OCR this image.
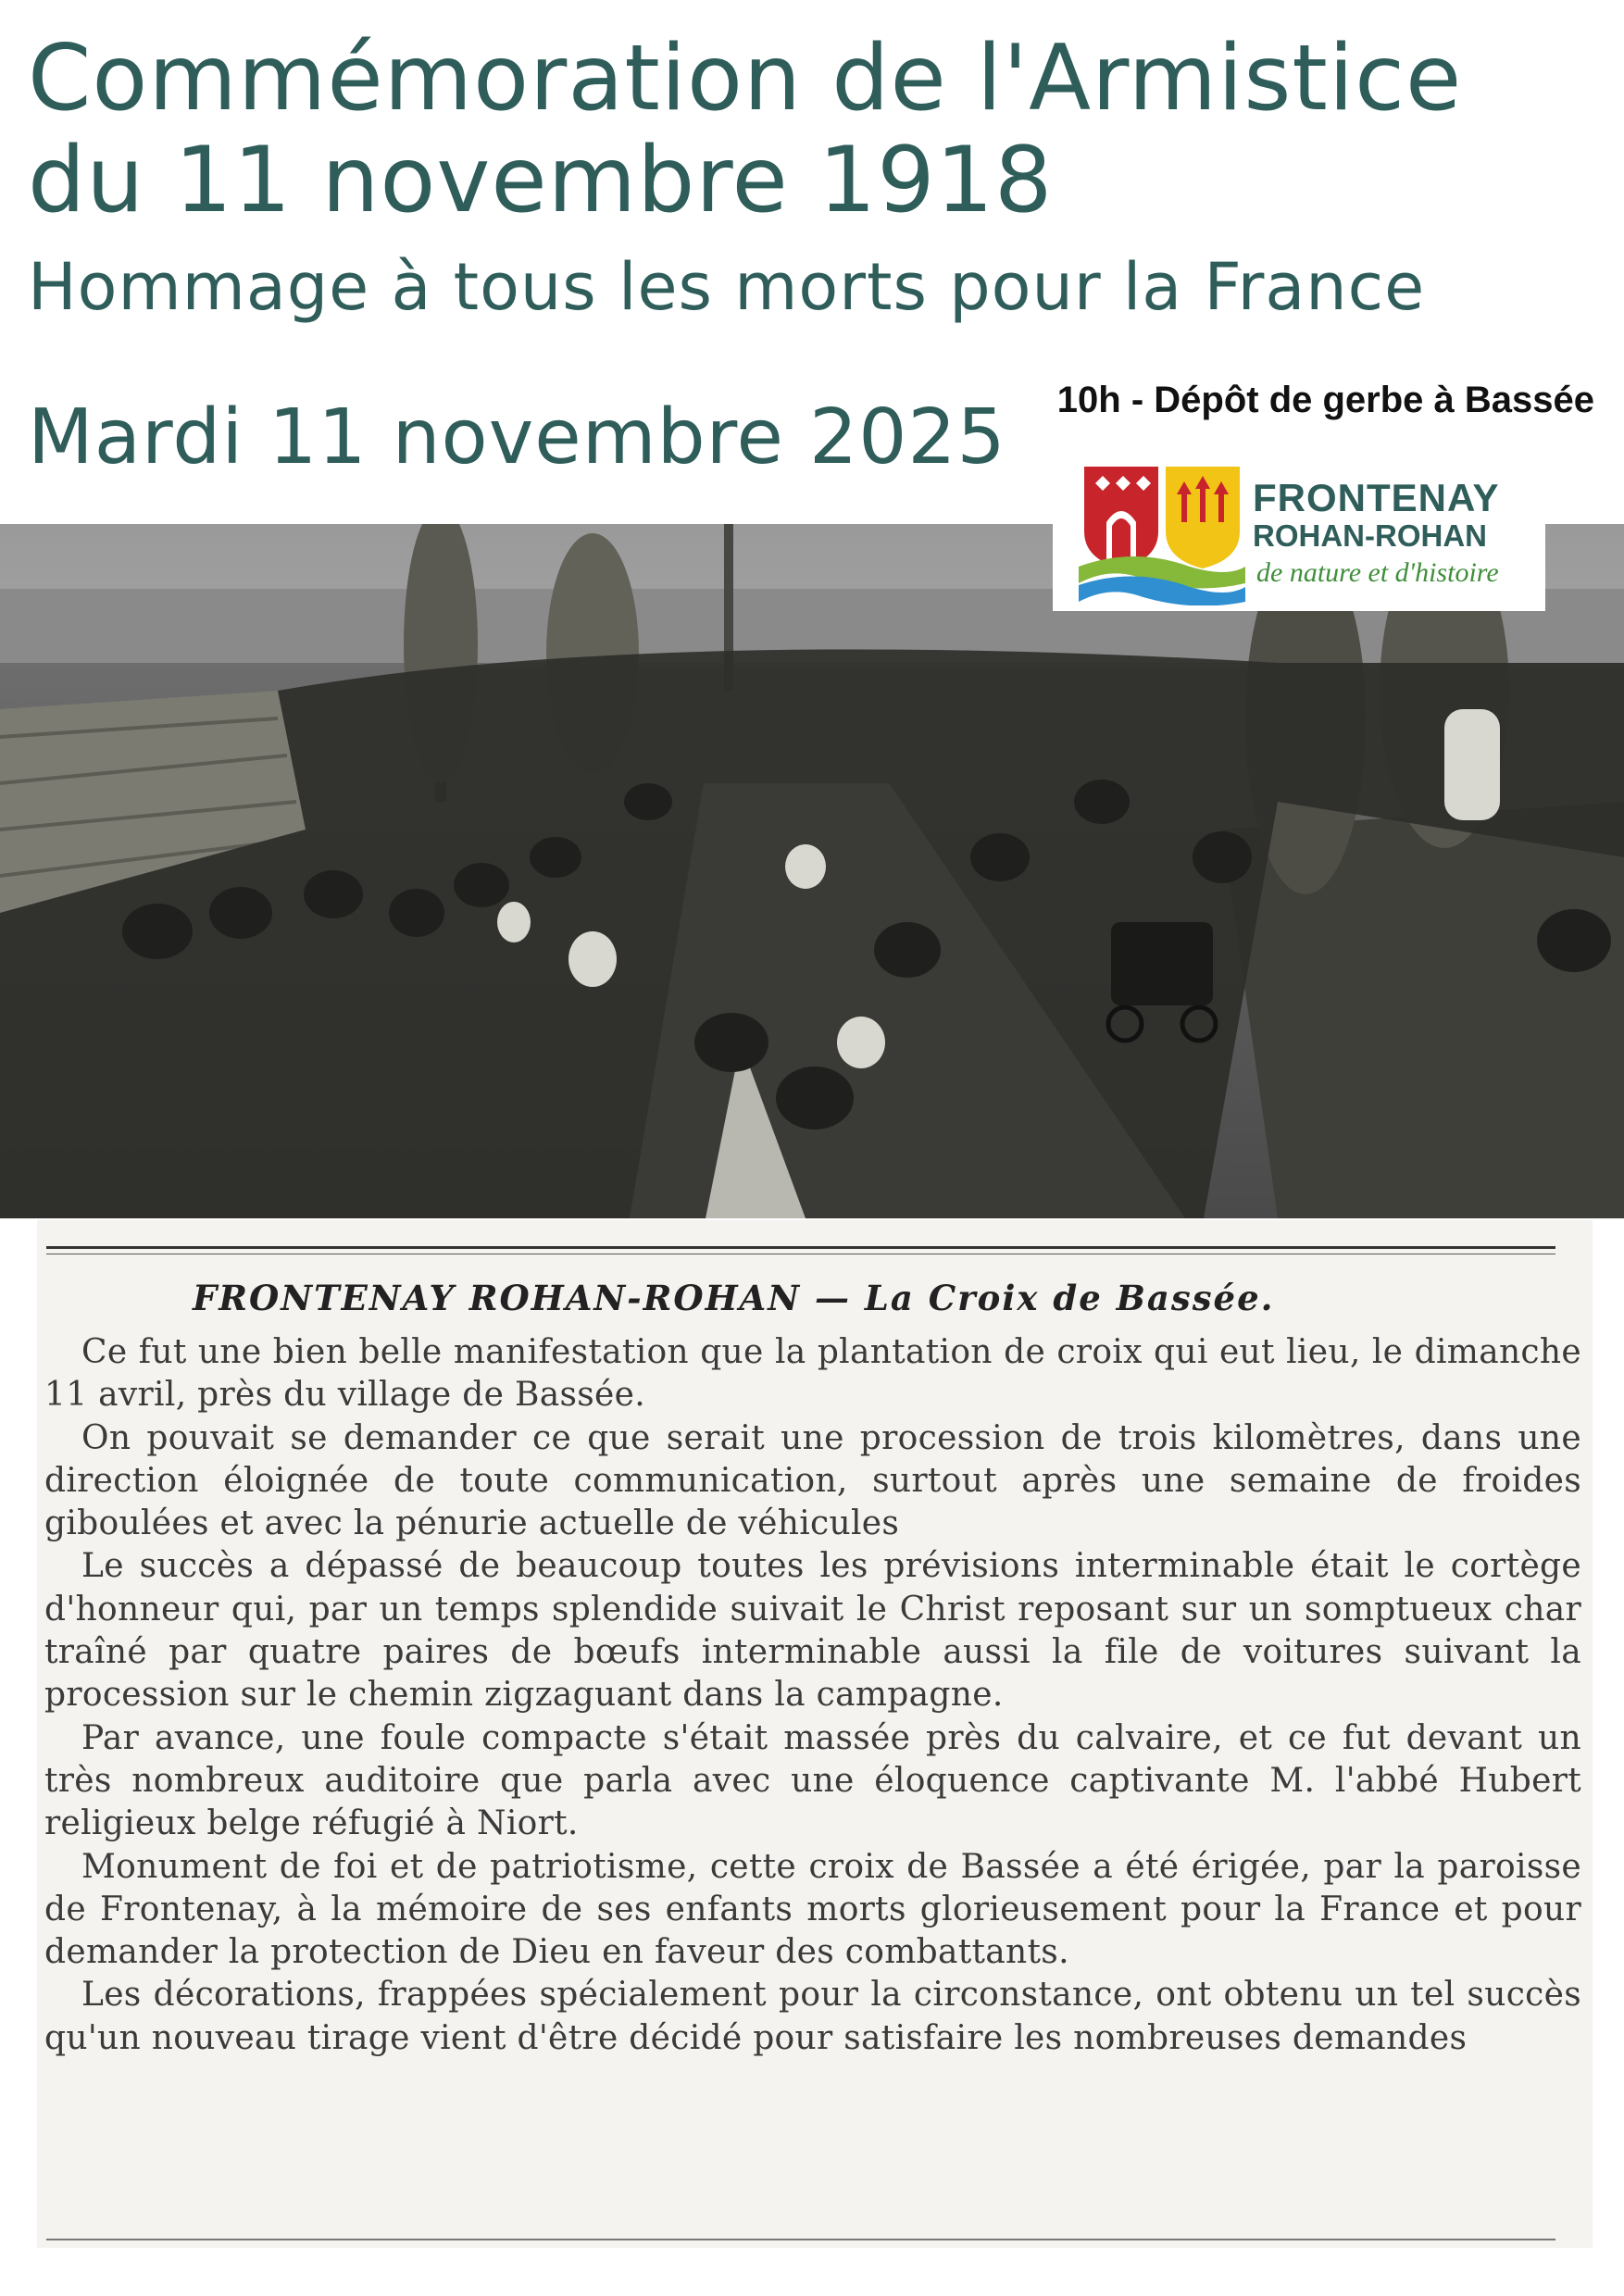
Commémoration de l'Armistice
du 11 novembre 1918
Hommage à tous les morts pour la France
Mardi 11 novembre 2025 10h - Dépôt de gerbe à Bassée

FRONTENAY

ROHAN-ROHAN

de nature et d'histoire

FRONTENAY ROHAN-ROHAN — La Croix de Bassée.

Ce fut une bien belle manifestation que la plantation de croix qui eut lieu, le dimanche 11 avril, près du village de Bassée.

On pouvait se demander ce que serait une procession de trois kilomètres, dans une direction éloignée de toute communication, surtout après une semaine de froides giboulées et avec la pénurie actuelle de véhicules

Le succès a dépassé de beaucoup toutes les prévisions interminable était le cortège d'honneur qui, par un temps splendide suivait le Christ reposant sur un somptueux char traîné par quatre paires de bœufs interminable aussi la file de voitures suivant la procession sur le chemin zigzaguant dans la campagne.

Par avance, une foule compacte s'était massée près du calvaire, et ce fut devant un très nombreux auditoire que parla avec une éloquence captivante M. l'abbé Hubert religieux belge réfugié à Niort.

Monument de foi et de patriotisme, cette croix de Bassée a été érigée, par la paroisse de Frontenay, à la mémoire de ses enfants morts glorieusement pour la France et pour demander la protection de Dieu en faveur des combattants.

Les décorations, frappées spécialement pour la circonstance, ont obtenu un tel succès qu'un nouveau tirage vient d'être décidé pour satisfaire les nombreuses demandes
